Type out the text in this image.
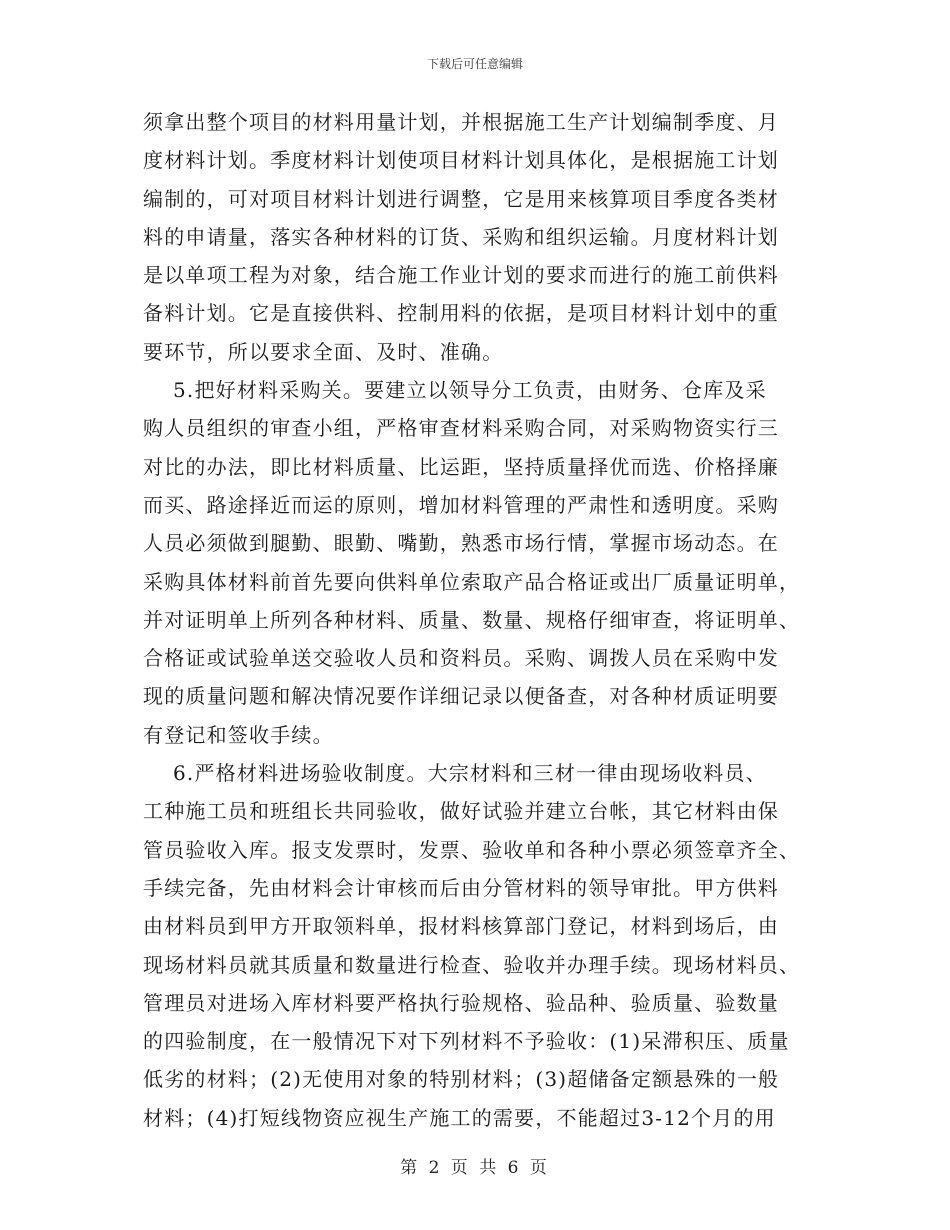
下载后可任意编辑
须拿出整个项目的材料用量计划，并根据施工生产计划编制季度、月
度材料计划。季度材料计划使项目材料计划具体化，是根据施工计划
编制的，可对项目材料计划进行调整，它是用来核算项目季度各类材
料的申请量，落实各种材料的订货、采购和组织运输。月度材料计划
是以单项工程为对象，结合施工作业计划的要求而进行的施工前供料
备料计划。它是直接供料、控制用料的依据，是项目材料计划中的重
要环节，所以要求全面、及时、准确。
5.把好材料采购关。要建立以领导分工负责，由财务、仓库及采
购人员组织的审查小组，严格审查材料采购合同，对采购物资实行三
对比的办法，即比材料质量、比运距，坚持质量择优而选、价格择廉
而买、路途择近而运的原则，增加材料管理的严肃性和透明度。采购
人员必须做到腿勤、眼勤、嘴勤，熟悉市场行情，掌握市场动态。在
采购具体材料前首先要向供料单位索取产品合格证或出厂质量证明单，
并对证明单上所列各种材料、质量、数量、规格仔细审查，将证明单、
合格证或试验单送交验收人员和资料员。采购、调拨人员在采购中发
现的质量问题和解决情况要作详细记录以便备查，对各种材质证明要
有登记和签收手续。
6.严格材料进场验收制度。大宗材料和三材一律由现场收料员、
工种施工员和班组长共同验收，做好试验并建立台帐，其它材料由保
管员验收入库。报支发票时，发票、验收单和各种小票必须签章齐全、
手续完备，先由材料会计审核而后由分管材料的领导审批。甲方供料
由材料员到甲方开取领料单，报材料核算部门登记，材料到场后，由
现场材料员就其质量和数量进行检查、验收并办理手续。现场材料员、
管理员对进场入库材料要严格执行验规格、验品种、验质量、验数量
的四验制度，在一般情况下对下列材料不予验收：(1)呆滞积压、质量
低劣的材料；(2)无使用对象的特别材料；(3)超储备定额悬殊的一般
材料；(4)打短线物资应视生产施工的需要，不能超过3-12个月的用
第 2 页 共 6 页
